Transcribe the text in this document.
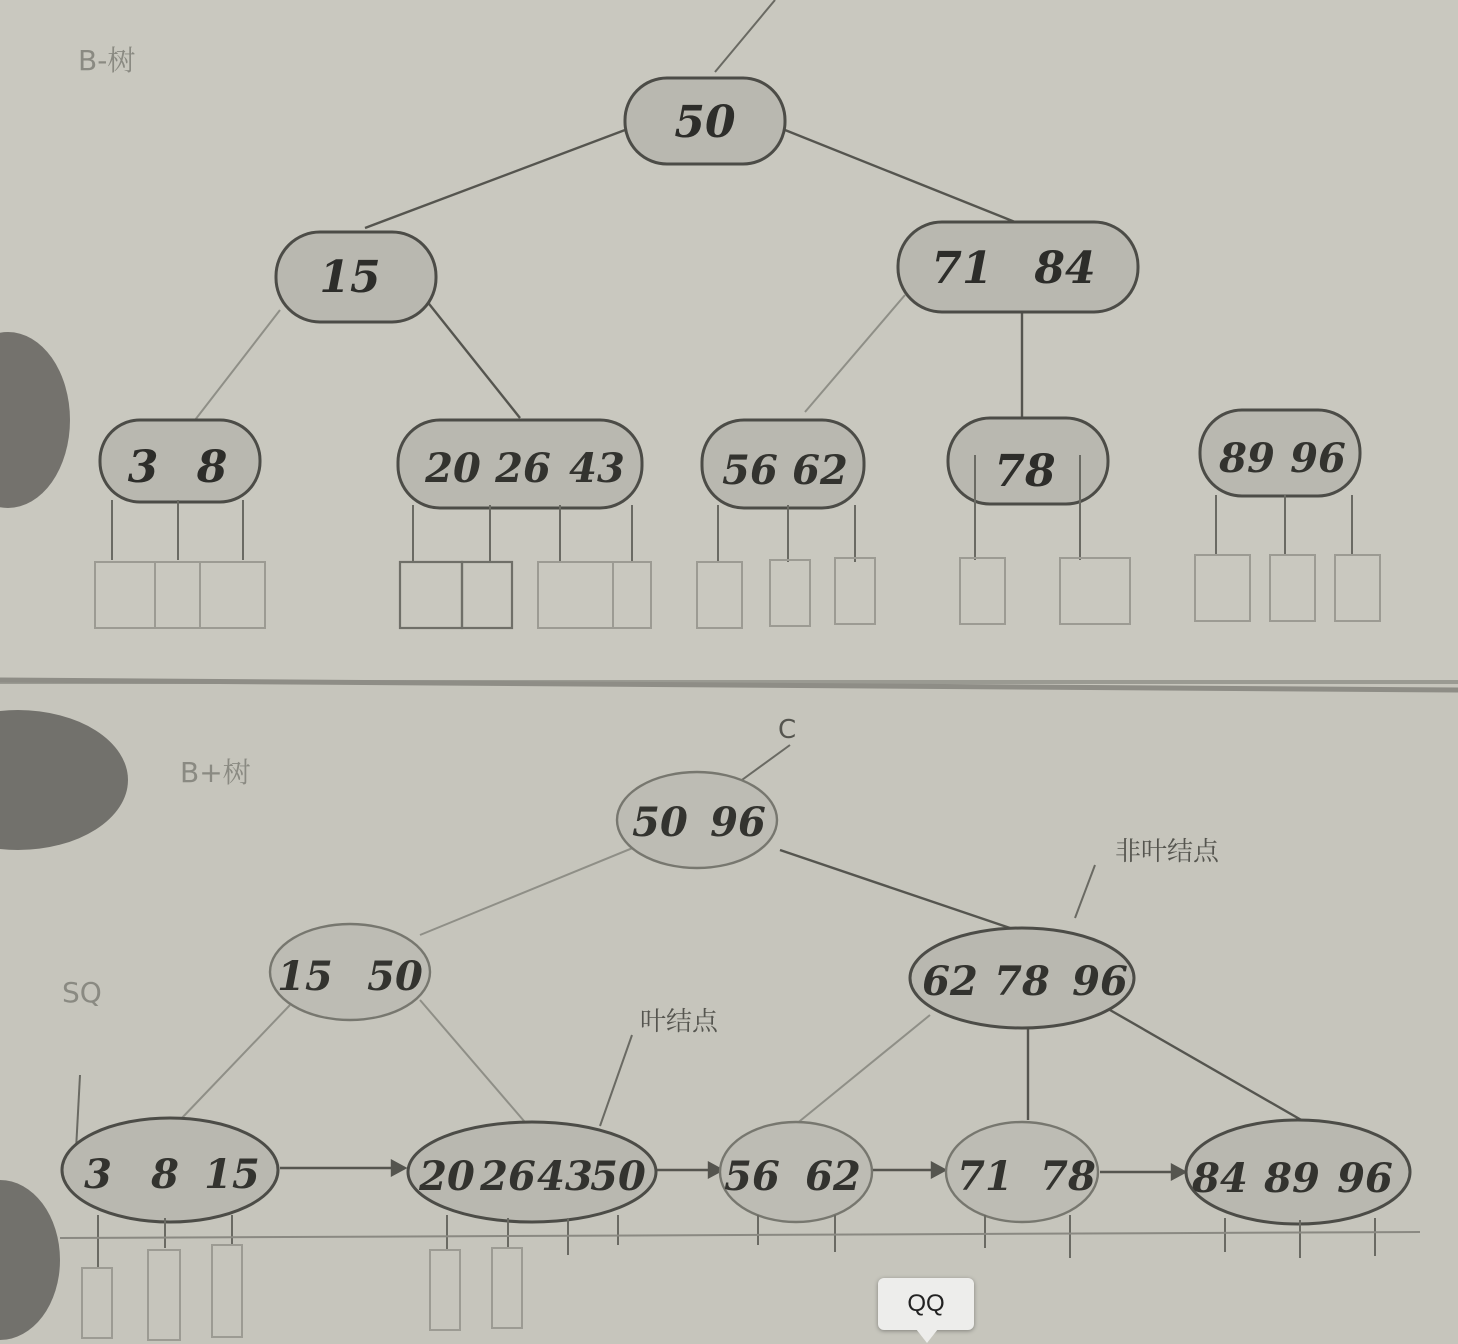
B-树
50
15	71 84
3 8	20 26 43 56 62	78	89 96
B+树
C
SQ
非叶结点
叶结点
50 96
15 50	62 78 96
3 8 15	20 26 43
50 56 62 71 78 84 89 96
QQ
